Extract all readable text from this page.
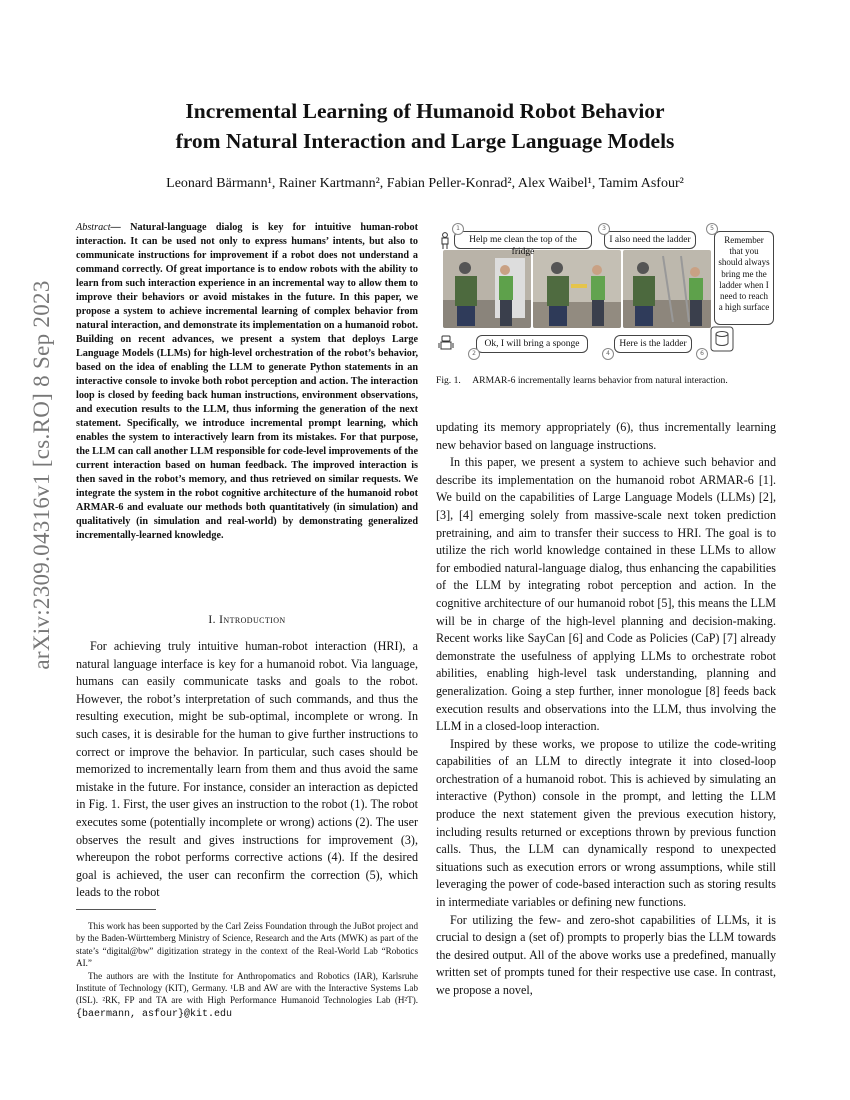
arXiv:2309.04316v1 [cs.RO] 8 Sep 2023
Incremental Learning of Humanoid Robot Behavior
from Natural Interaction and Large Language Models
Leonard Bärmann¹, Rainer Kartmann², Fabian Peller-Konrad², Alex Waibel¹, Tamim Asfour²
Abstract— Natural-language dialog is key for intuitive human-robot interaction. It can be used not only to express humans’ intents, but also to communicate instructions for improvement if a robot does not understand a command correctly. Of great importance is to endow robots with the ability to learn from such interaction experience in an incremental way to allow them to improve their behaviors or avoid mistakes in the future. In this paper, we propose a system to achieve incremental learning of complex behavior from natural interaction, and demonstrate its implementation on a humanoid robot. Building on recent advances, we present a system that deploys Large Language Models (LLMs) for high-level orchestration of the robot’s behavior, based on the idea of enabling the LLM to generate Python statements in an interactive console to invoke both robot perception and action. The interaction loop is closed by feeding back human instructions, environment observations, and execution results to the LLM, thus informing the generation of the next statement. Specifically, we introduce incremental prompt learning, which enables the system to interactively learn from its mistakes. For that purpose, the LLM can call another LLM responsible for code-level improvements of the current interaction based on human feedback. The improved interaction is then saved in the robot’s memory, and thus retrieved on similar requests. We integrate the system in the robot cognitive architecture of the humanoid robot ARMAR-6 and evaluate our methods both quantitatively (in simulation) and qualitatively (in simulation and real-world) by demonstrating generalized incrementally-learned knowledge.
I. Introduction

For achieving truly intuitive human-robot interaction (HRI), a natural language interface is key for a humanoid robot. Via language, humans can easily communicate tasks and goals to the robot. However, the robot’s interpretation of such commands, and thus the resulting execution, might be sub-optimal, incomplete or wrong. In such cases, it is desirable for the human to give further instructions to correct or improve the behavior. In particular, such cases should be memorized to incrementally learn from them and thus avoid the same mistake in the future. For instance, consider an interaction as depicted in Fig. 1. First, the user gives an instruction to the robot (1). The robot executes some (potentially incomplete or wrong) actions (2). The user observes the result and gives instructions for improvement (3), whereupon the robot performs corrective actions (4). If the desired goal is achieved, the user can reconfirm the correction (5), which leads to the robot

This work has been supported by the Carl Zeiss Foundation through the JuBot project and by the Baden-Württemberg Ministry of Science, Research and the Arts (MWK) as part of the state’s “digital@bw” digitization strategy in the context of the Real-World Lab “Robotics AI.”

The authors are with the Institute for Anthropomatics and Robotics (IAR), Karlsruhe Institute of Technology (KIT), Germany. ¹LB and AW are with the Interactive Systems Lab (ISL). ²RK, FP and TA are with High Performance Humanoid Technologies Lab (H²T). {baermann, asfour}@kit.edu

Help me clean the top of the fridge
Ok, I will bring a sponge
I also need the ladder
Here is the ladder
Remember that you should always bring me the ladder when I need to reach a high surface
1
2
3
4
5
6
Fig. 1.     ARMAR-6 incrementally learns behavior from natural interaction.

updating its memory appropriately (6), thus incrementally learning new behavior based on language instructions.

In this paper, we present a system to achieve such behavior and describe its implementation on the humanoid robot ARMAR-6 [1]. We build on the capabilities of Large Language Models (LLMs) [2], [3], [4] emerging solely from massive-scale next token prediction pretraining, and aim to transfer their success to HRI. The goal is to utilize the rich world knowledge contained in these LLMs to allow for embodied natural-language dialog, thus enhancing the capabilities of the LLM by integrating robot perception and action. In the cognitive architecture of our humanoid robot [5], this means the LLM will be in charge of the high-level planning and decision-making. Recent works like SayCan [6] and Code as Policies (CaP) [7] already demonstrate the usefulness of applying LLMs to orchestrate robot abilities, enabling high-level task understanding, planning and generalization. Going a step further, inner monologue [8] feeds back execution results and observations into the LLM, thus involving the LLM in a closed-loop interaction.

Inspired by these works, we propose to utilize the code-writing capabilities of an LLM to directly integrate it into closed-loop orchestration of a humanoid robot. This is achieved by simulating an interactive (Python) console in the prompt, and letting the LLM produce the next statement given the previous execution history, including results returned or exceptions thrown by previous function calls. Thus, the LLM can dynamically respond to unexpected situations such as execution errors or wrong assumptions, while still leveraging the power of code-based interaction such as storing results in intermediate variables or defining new functions.

For utilizing the few- and zero-shot capabilities of LLMs, it is crucial to design a (set of) prompts to properly bias the LLM towards the desired output. All of the above works use a predefined, manually written set of prompts tuned for their respective use case. In contrast, we propose a novel,
